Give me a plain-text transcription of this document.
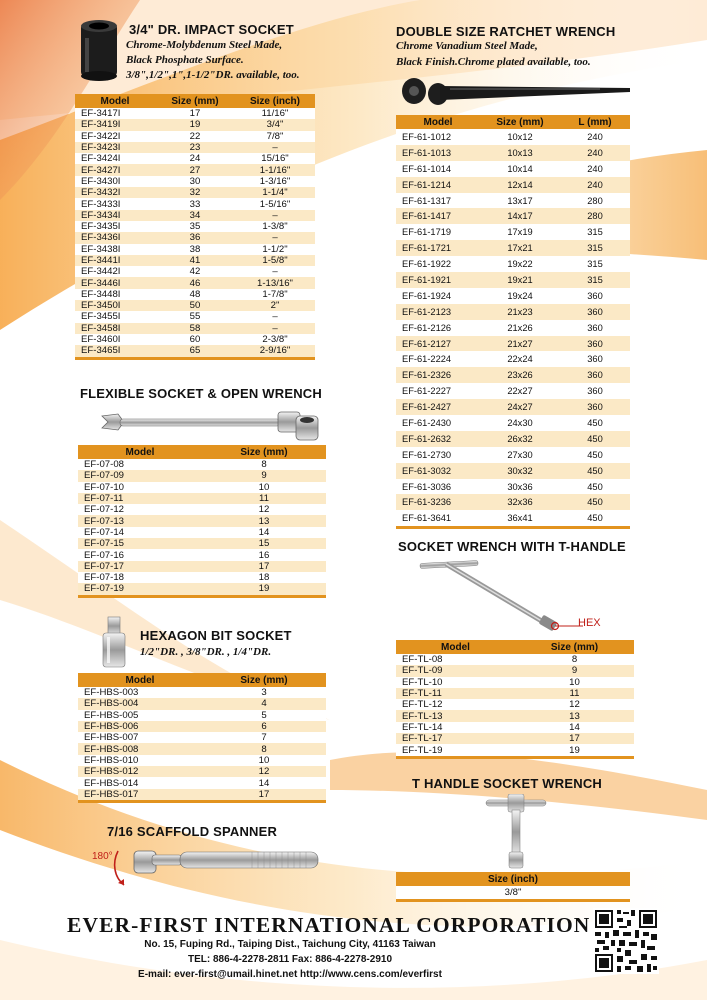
3/4" DR. IMPACT SOCKET
Chrome-Molybdenum Steel Made,
Black Phosphate Surface.
3/8",1/2",1",1-1/2"DR. available, too.
Model	Size (mm)	Size (inch)
EF-3417I	17	11/16"
EF-3419I	19	3/4"
EF-3422I	22	7/8"
EF-3423I	23	–
EF-3424I	24	15/16"
EF-3427I	27	1-1/16"
EF-3430I	30	1-3/16"
EF-3432I	32	1-1/4"
EF-3433I	33	1-5/16"
EF-3434I	34	–
EF-3435I	35	1-3/8"
EF-3436I	36	–
EF-3438I	38	1-1/2"
EF-3441I	41	1-5/8"
EF-3442I	42	–
EF-3446I	46	1-13/16"
EF-3448I	48	1-7/8"
EF-3450I	50	2"
EF-3455I	55	–
EF-3458I	58	–
EF-3460I	60	2-3/8"
EF-3465I	65	2-9/16"
FLEXIBLE SOCKET & OPEN WRENCH
Model	Size (mm)
EF-07-08	8
EF-07-09	9
EF-07-10	10
EF-07-11	11
EF-07-12	12
EF-07-13	13
EF-07-14	14
EF-07-15	15
EF-07-16	16
EF-07-17	17
EF-07-18	18
EF-07-19	19
HEXAGON BIT SOCKET
1/2"DR. , 3/8"DR. , 1/4"DR.
Model	Size (mm)
EF-HBS-003	3
EF-HBS-004	4
EF-HBS-005	5
EF-HBS-006	6
EF-HBS-007	7
EF-HBS-008	8
EF-HBS-010	10
EF-HBS-012	12
EF-HBS-014	14
EF-HBS-017	17
7/16 SCAFFOLD SPANNER
180°
DOUBLE SIZE RATCHET WRENCH
Chrome Vanadium Steel Made,
Black Finish.Chrome plated available, too.
Model	Size (mm)	L (mm)
EF-61-1012	10x12	240
EF-61-1013	10x13	240
EF-61-1014	10x14	240
EF-61-1214	12x14	240
EF-61-1317	13x17	280
EF-61-1417	14x17	280
EF-61-1719	17x19	315
EF-61-1721	17x21	315
EF-61-1922	19x22	315
EF-61-1921	19x21	315
EF-61-1924	19x24	360
EF-61-2123	21x23	360
EF-61-2126	21x26	360
EF-61-2127	21x27	360
EF-61-2224	22x24	360
EF-61-2326	23x26	360
EF-61-2227	22x27	360
EF-61-2427	24x27	360
EF-61-2430	24x30	450
EF-61-2632	26x32	450
EF-61-2730	27x30	450
EF-61-3032	30x32	450
EF-61-3036	30x36	450
EF-61-3236	32x36	450
EF-61-3641	36x41	450
SOCKET WRENCH WITH T-HANDLE
HEX
Model	Size (mm)
EF-TL-08	8
EF-TL-09	9
EF-TL-10	10
EF-TL-11	11
EF-TL-12	12
EF-TL-13	13
EF-TL-14	14
EF-TL-17	17
EF-TL-19	19
T HANDLE SOCKET WRENCH
Size (inch)
3/8"
EVER-FIRST INTERNATIONAL CORPORATION
No. 15, Fuping Rd., Taiping Dist., Taichung City, 41163 Taiwan
TEL: 886-4-2278-2811 Fax: 886-4-2278-2910
E-mail: ever-first@umail.hinet.net http://www.cens.com/everfirst
